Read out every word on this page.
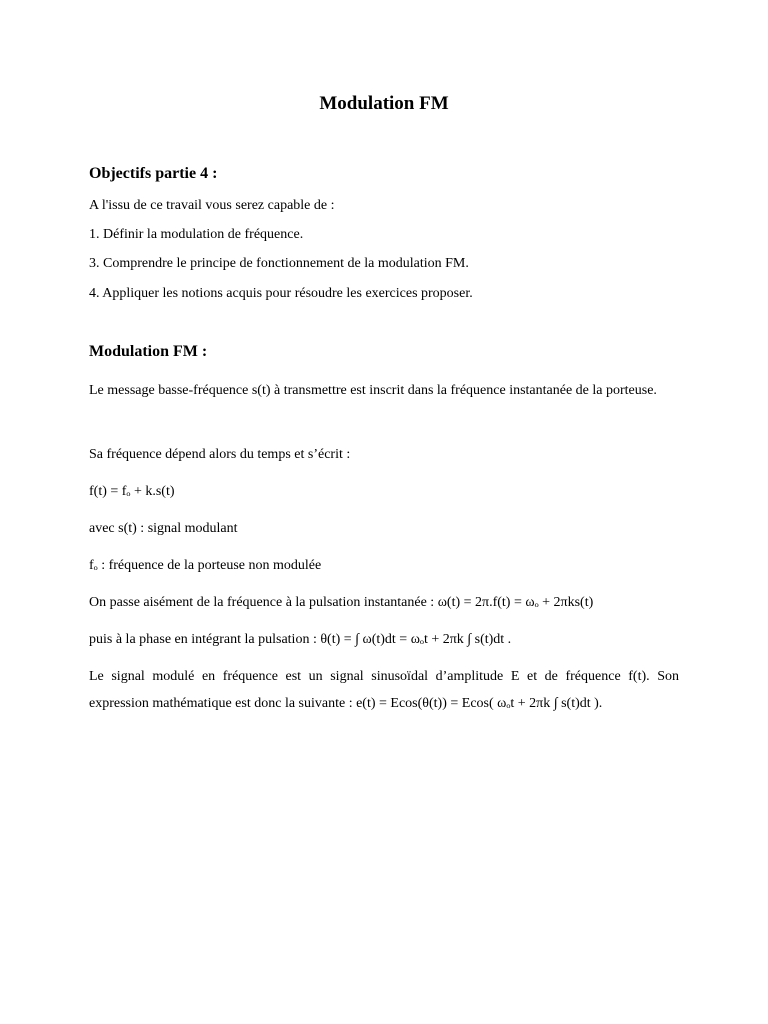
Modulation FM
Objectifs partie 4 :

A l'issu de ce travail vous serez capable de :

1. Définir la modulation de fréquence.

3. Comprendre le principe de fonctionnement de la modulation FM.

4. Appliquer les notions acquis pour résoudre les exercices proposer.

Modulation FM :

Le message basse-fréquence s(t) à transmettre est inscrit dans la fréquence instantanée de la porteuse.

Sa fréquence dépend alors du temps et s’écrit :

f(t) = fₒ + k.s(t)

avec s(t) : signal modulant

fₒ : fréquence de la porteuse non modulée

On passe aisément de la fréquence à la pulsation instantanée : ω(t) = 2π.f(t) = ωₒ + 2πks(t)

puis à la phase en intégrant la pulsation : θ(t) = ∫ ω(t)dt = ωₒt + 2πk ∫ s(t)dt .

Le signal modulé en fréquence est un signal sinusoïdal d’amplitude E et de fréquence f(t). Son expression mathématique est donc la suivante : e(t) = Ecos(θ(t)) = Ecos( ωₒt + 2πk ∫ s(t)dt ).
